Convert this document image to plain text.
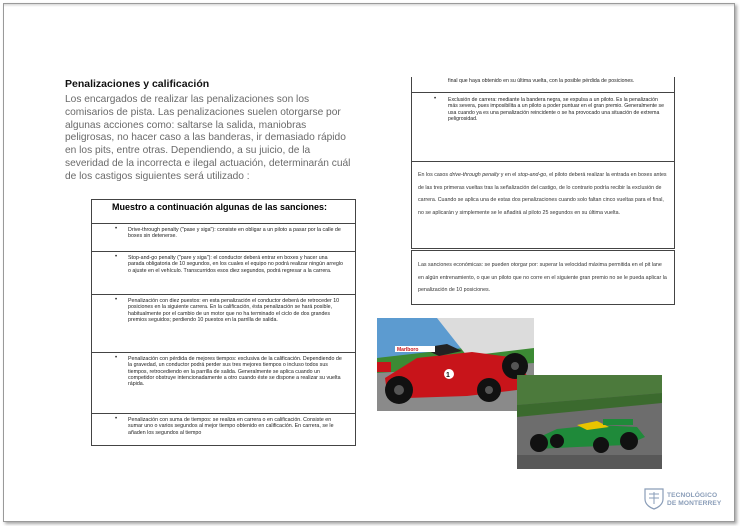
Penalizaciones y calificación
Los encargados de realizar las penalizaciones son los comisarios de pista. Las penalizaciones suelen otorgarse por algunas acciones como: saltarse la salida, maniobras peligrosas, no hacer caso a las banderas, ir demasiado rápido en los pits, entre otras. Dependiendo, a su juicio, de la severidad de la incorrecta e ilegal actuación, determinarán cuál de los castigos siguientes será utilizado :
Muestro a continuación algunas de las sanciones:
• Drive-through penalty ("pase y siga"): consiste en obligar a un piloto a pasar por la calle de boxes sin detenerse.
• Stop-and-go penalty ("pare y siga"): el conductor deberá entrar en boxes y hacer una parada obligatoria de 10 segundos, en los cuales el equipo no podrá realizar ningún arreglo o ajuste en el vehículo. Transcurridos esos diez segundos, podrá regresar a la carrera.
• Penalización con diez puestos: en esta penalización el conductor deberá de retroceder 10 posiciones en la siguiente carrera. En la calificación, ésta penalización se hará posible, habitualmente por el cambio de un motor que no ha terminado el ciclo de dos grandes premios seguidos; perdiendo 10 puestos en la parrilla de salida.
• Penalización con pérdida de mejores tiempos: exclusiva de la calificación. Dependiendo de la gravedad, un conductor podrá perder sus tres mejores tiempos o incluso todos sus tiempos, retrocediendo en la parrilla de salida. Generalmente se aplica cuando un competidor obstruye intencionadamente a otro cuando éste se dispone a realizar su vuelta rápida.
• Penalización con suma de tiempos: se realiza en carrera o en calificación. Consiste en sumar uno o varios segundos al mejor tiempo obtenido en calificación. En carrera, se le añaden los segundos al tiempo
final que haya obtenido en su última vuelta, con la posible pérdida de posiciones.
• Exclusión de carrera: mediante la bandera negra, se expulsa a un piloto. Es la penalización más severa, pues imposibilita a un piloto a poder puntuar en el gran premio. Generalmente se usa cuando ya es una penalización reincidente o se ha provocado una situación de extrema peligrosidad.
En los casos drive-through penalty y en el stop-and-go, el piloto deberá realizar la entrada en boxes antes de las tres primeras vueltas tras la señalización del castigo, de lo contrario podría recibir la exclusión de carrera. Cuando se aplica una de estas dos penalizaciones cuando solo faltan cinco vueltas para el final, no se aplicarán y simplemente se le añadirá al piloto 25 segundos en su última vuelta.
Las sanciones económicas: se pueden otorgar por: superar la velocidad máxima permitida en el pit lane en algún entrenamiento, o que un piloto que no corre en el siguiente gran premio no se le pueda aplicar la penalización de 10 posiciones.
Marlboro
1
TECNOLÓGICO
DE MONTERREY
